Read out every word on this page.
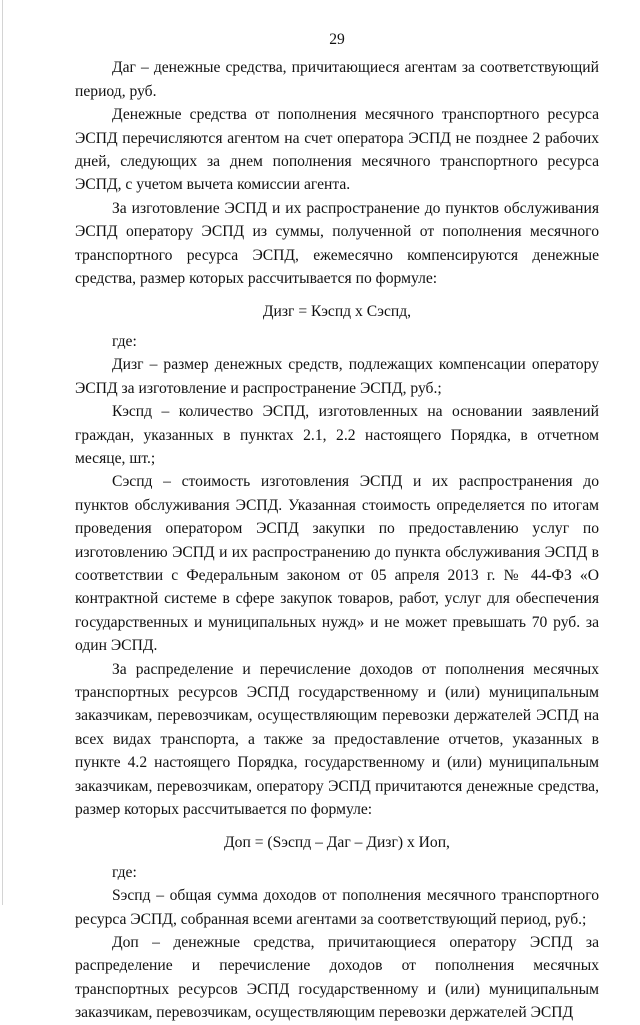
29

Даг – денежные средства, причитающиеся агентам за соответствующий период, руб.

Денежные средства от пополнения месячного транспортного ресурса ЭСПД перечисляются агентом на счет оператора ЭСПД не позднее 2 рабочих дней, следующих за днем пополнения месячного транспортного ресурса ЭСПД, с учетом вычета комиссии агента.

За изготовление ЭСПД и их распространение до пунктов обслуживания ЭСПД оператору ЭСПД из суммы, полученной от пополнения месячного транспортного ресурса ЭСПД, ежемесячно компенсируются денежные средства, размер которых рассчитывается по формуле:

Дизг = Кэспд х Сэспд,

где:

Дизг – размер денежных средств, подлежащих компенсации оператору ЭСПД за изготовление и распространение ЭСПД, руб.;

Кэспд – количество ЭСПД, изготовленных на основании заявлений граждан, указанных в пунктах 2.1, 2.2 настоящего Порядка, в отчетном месяце, шт.;

Сэспд – стоимость изготовления ЭСПД и их распространения до пунктов обслуживания ЭСПД. Указанная стоимость определяется по итогам проведения оператором ЭСПД закупки по предоставлению услуг по изготовлению ЭСПД и их распространению до пункта обслуживания ЭСПД в соответствии с Федеральным законом от 05 апреля 2013 г. № 44-ФЗ «О контрактной системе в сфере закупок товаров, работ, услуг для обеспечения государственных и муниципальных нужд» и не может превышать 70 руб. за один ЭСПД.

За распределение и перечисление доходов от пополнения месячных транспортных ресурсов ЭСПД государственному и (или) муниципальным заказчикам, перевозчикам, осуществляющим перевозки держателей ЭСПД на всех видах транспорта, а также за предоставление отчетов, указанных в пункте 4.2 настоящего Порядка, государственному и (или) муниципальным заказчикам, перевозчикам, оператору ЭСПД причитаются денежные средства, размер которых рассчитывается по формуле:

Доп = (Sэспд – Даг – Дизг) х Иоп,

где:

Sэспд – общая сумма доходов от пополнения месячного транспортного ресурса ЭСПД, собранная всеми агентами за соответствующий период, руб.;

Доп – денежные средства, причитающиеся оператору ЭСПД за распределение и перечисление доходов от пополнения месячных транспортных ресурсов ЭСПД государственному и (или) муниципальным заказчикам, перевозчикам, осуществляющим перевозки держателей ЭСПД
